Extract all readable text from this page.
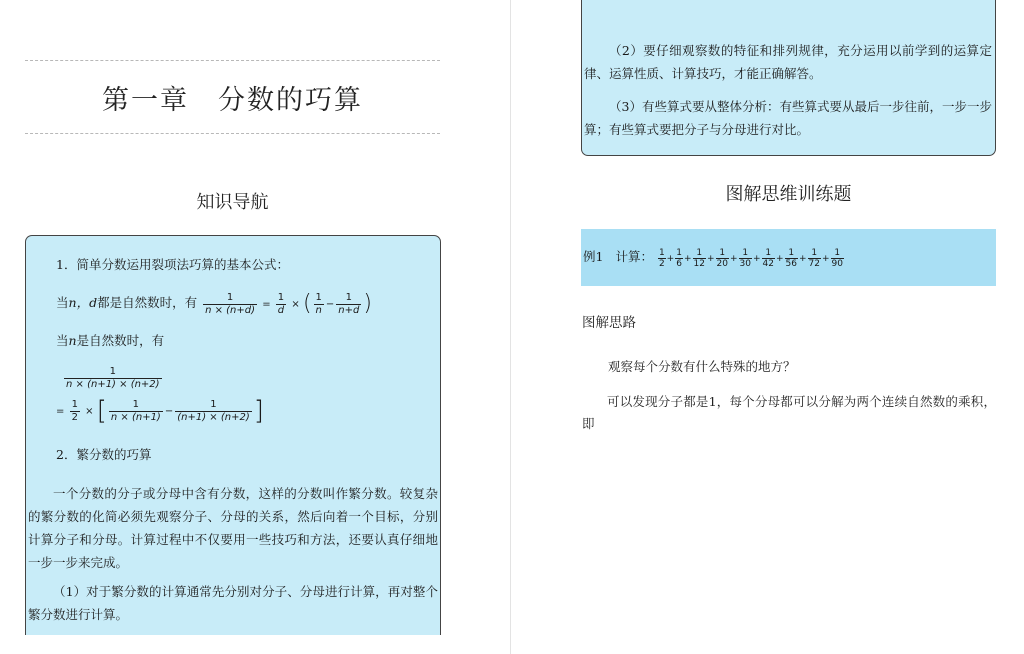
第一章　分数的巧算
知识导航
1．简单分数运用裂项法巧算的基本公式：
当n，d都是自然数时，有 $\frac{1}{n \times (n+d)} = \frac{1}{d}$ × ( $\frac{1}{n} - \frac{1}{n+d}$ )
当n是自然数时，有
$\frac{1}{n \times (n+1) \times (n+2)}$
= $\frac{1}{2}$ × [ $\frac{1}{n \times (n+1)} - \frac{1}{(n+1) \times (n+2)}$ ]
2．繁分数的巧算
一个分数的分子或分母中含有分数，这样的分数叫作繁分数。较复杂的繁分数的化简必须先观察分子、分母的关系，然后向着一个目标，分别计算分子和分母。计算过程中不仅要用一些技巧和方法，还要认真仔细地一步一步来完成。
（1）对于繁分数的计算通常先分别对分子、分母进行计算，再对整个繁分数进行计算。
（2）要仔细观察数的特征和排列规律，充分运用以前学到的运算定律、运算性质、计算技巧，才能正确解答。
（3）有些算式要从整体分析：有些算式要从最后一步往前，一步一步算；有些算式要把分子与分母进行对比。
图解思维训练题
例1 计算： $\frac{1}{2} + \frac{1}{6} + \frac{1}{12} + \frac{1}{20} + \frac{1}{30} + \frac{1}{42} + \frac{1}{56} + \frac{1}{72} + \frac{1}{90}$
图解思路
观察每个分数有什么特殊的地方？
可以发现分子都是1，每个分母都可以分解为两个连续自然数的乘积，即
